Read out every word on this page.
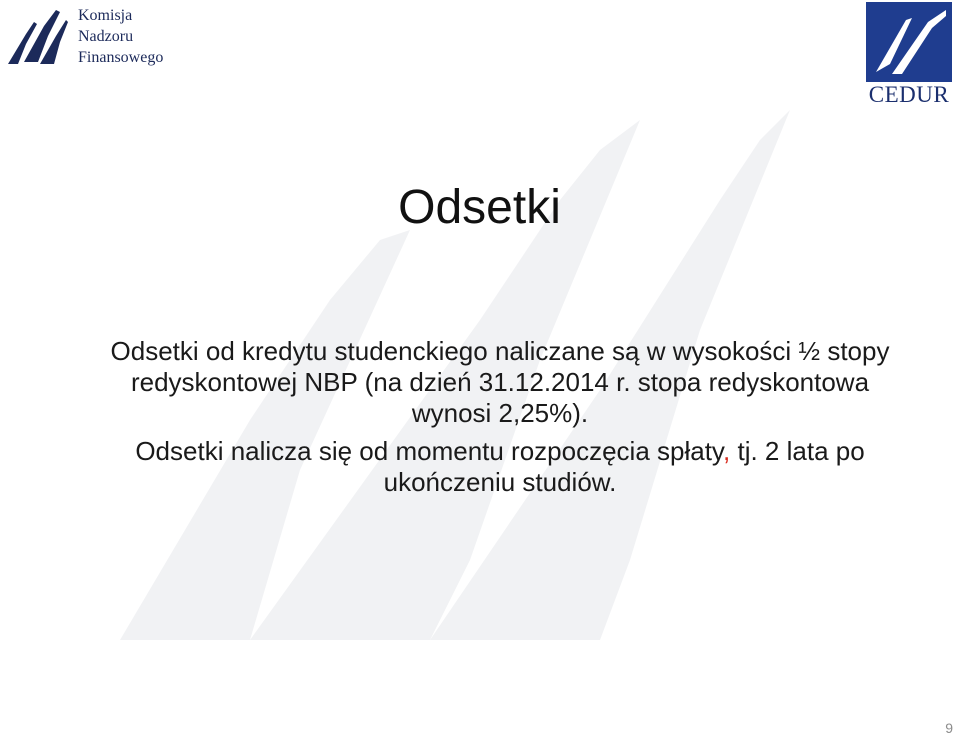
Komisja
Nadzoru
Finansowego
CEDUR
Odsetki

Odsetki od kredytu studenckiego naliczane są w wysokości ½ stopy redyskontowej NBP (na dzień 31.12.2014 r. stopa redyskontowa wynosi 2,25%).

Odsetki nalicza się od momentu rozpoczęcia spłaty, tj. 2 lata po ukończeniu studiów.

9
